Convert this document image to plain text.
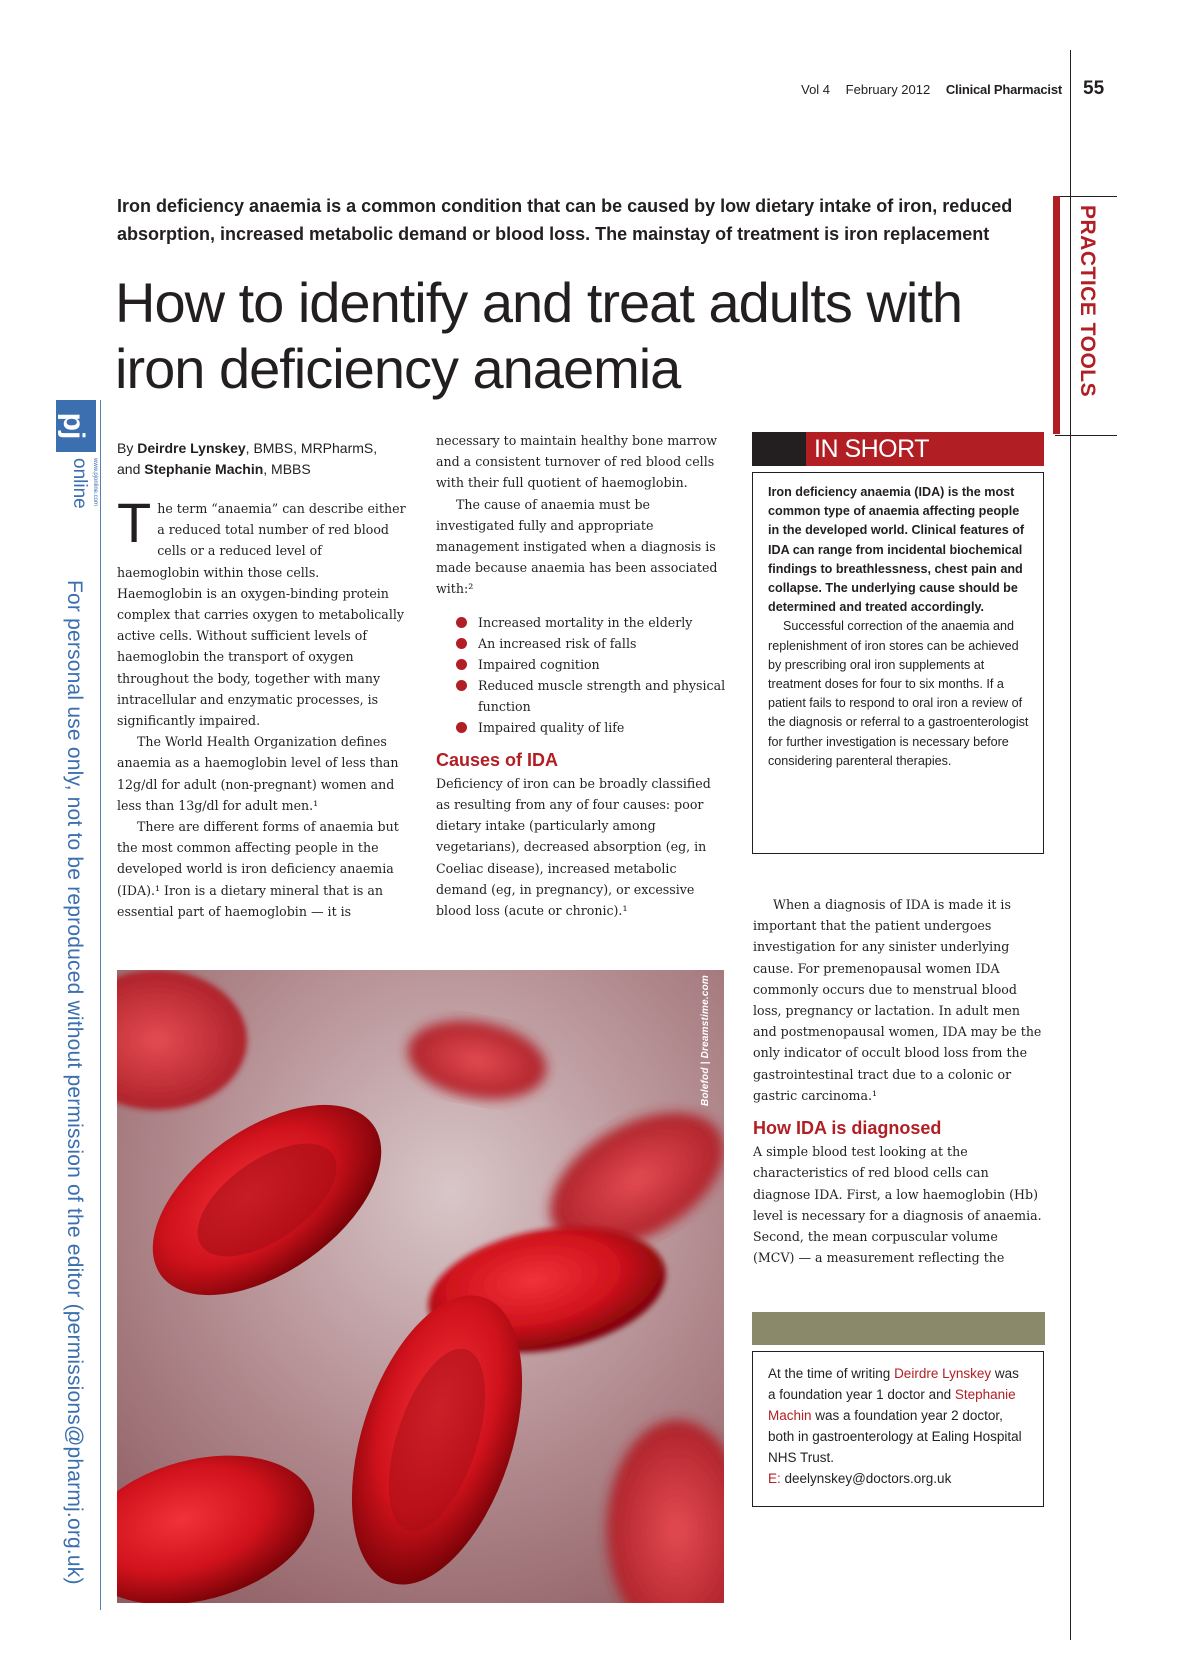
Vol 4 February 2012 Clinical Pharmacist 55
PRACTICE TOOLS
Iron deficiency anaemia is a common condition that can be caused by low dietary intake of iron, reduced absorption, increased metabolic demand or blood loss. The mainstay of treatment is iron replacement
How to identify and treat adults with iron deficiency anaemia
pj
online www.pjonline.com
For personal use only, not to be reproduced without permission of the editor (permissions@pharmj.org.uk)
By Deirdre Lynskey, BMBS, MRPharmS,
and Stephanie Machin, MBBS

The term “anaemia” can describe either a reduced total number of red blood cells or a reduced level of haemoglobin within those cells. Haemoglobin is an oxygen-binding protein complex that carries oxygen to metabolically active cells. Without sufficient levels of haemoglobin the transport of oxygen throughout the body, together with many intracellular and enzymatic processes, is significantly impaired.

The World Health Organization defines anaemia as a haemoglobin level of less than 12g/dl for adult (non-pregnant) women and less than 13g/dl for adult men.¹

There are different forms of anaemia but the most common affecting people in the developed world is iron deficiency anaemia (IDA).¹ Iron is a dietary mineral that is an essential part of haemoglobin — it is

necessary to maintain healthy bone marrow and a consistent turnover of red blood cells with their full quotient of haemoglobin.

The cause of anaemia must be investigated fully and appropriate management instigated when a diagnosis is made because anaemia has been associated with:²

Increased mortality in the elderly
An increased risk of falls
Impaired cognition
Reduced muscle strength and physical function
Impaired quality of life
Causes of IDA

Deficiency of iron can be broadly classified as resulting from any of four causes: poor dietary intake (particularly among vegetarians), decreased absorption (eg, in Coeliac disease), increased metabolic demand (eg, in pregnancy), or excessive blood loss (acute or chronic).¹

IN SHORT

Iron deficiency anaemia (IDA) is the most common type of anaemia affecting people in the developed world. Clinical features of IDA can range from incidental biochemical findings to breathlessness, chest pain and collapse. The underlying cause should be determined and treated accordingly.

Successful correction of the anaemia and replenishment of iron stores can be achieved by prescribing oral iron supplements at treatment doses for four to six months. If a patient fails to respond to oral iron a review of the diagnosis or referral to a gastroenterologist for further investigation is necessary before considering parenteral therapies.

When a diagnosis of IDA is made it is important that the patient undergoes investigation for any sinister underlying cause. For premenopausal women IDA commonly occurs due to menstrual blood loss, pregnancy or lactation. In adult men and postmenopausal women, IDA may be the only indicator of occult blood loss from the gastrointestinal tract due to a colonic or gastric carcinoma.¹

How IDA is diagnosed

A simple blood test looking at the characteristics of red blood cells can diagnose IDA. First, a low haemoglobin (Hb) level is necessary for a diagnosis of anaemia. Second, the mean corpuscular volume (MCV) — a measurement reflecting the

Bolefod | Dreamstime.com
At the time of writing Deirdre Lynskey was a foundation year 1 doctor and Stephanie Machin was a foundation year 2 doctor, both in gastroenterology at Ealing Hospital NHS Trust.
E: deelynskey@doctors.org.uk
